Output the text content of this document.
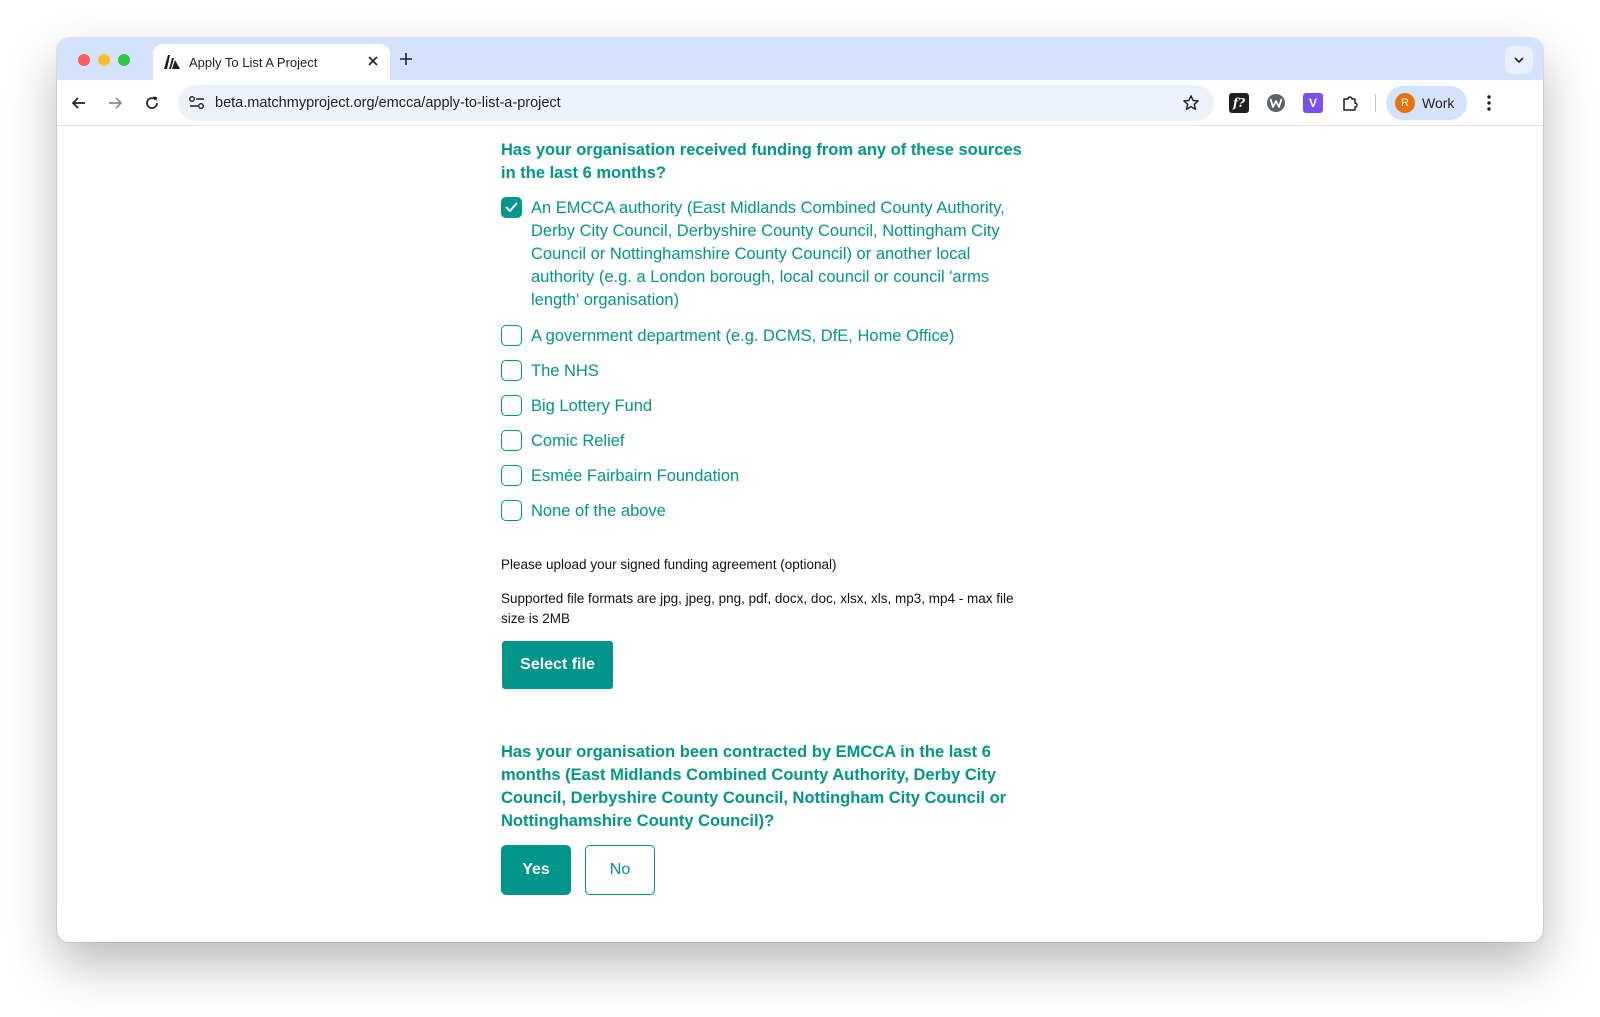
Apply To List A Project
beta.matchmyproject.org/emcca/apply-to-list-a-project	f?	V	R Work
Has your organisation received funding from any of these sources in the last 6 months?
An EMCCA authority (East Midlands Combined County Authority, Derby City Council, Derbyshire County Council, Nottingham City Council or Nottinghamshire County Council) or another local authority (e.g. a London borough, local council or council 'arms length' organisation)
A government department (e.g. DCMS, DfE, Home Office)
The NHS
Big Lottery Fund
Comic Relief
Esmée Fairbairn Foundation
None of the above
Please upload your signed funding agreement (optional)
Supported file formats are jpg, jpeg, png, pdf, docx, doc, xlsx, xls, mp3, mp4 - max file size is 2MB
Select file
Has your organisation been contracted by EMCCA in the last 6 months (East Midlands Combined County Authority, Derby City Council, Derbyshire County Council, Nottingham City Council or Nottinghamshire County Council)?
Yes	No
